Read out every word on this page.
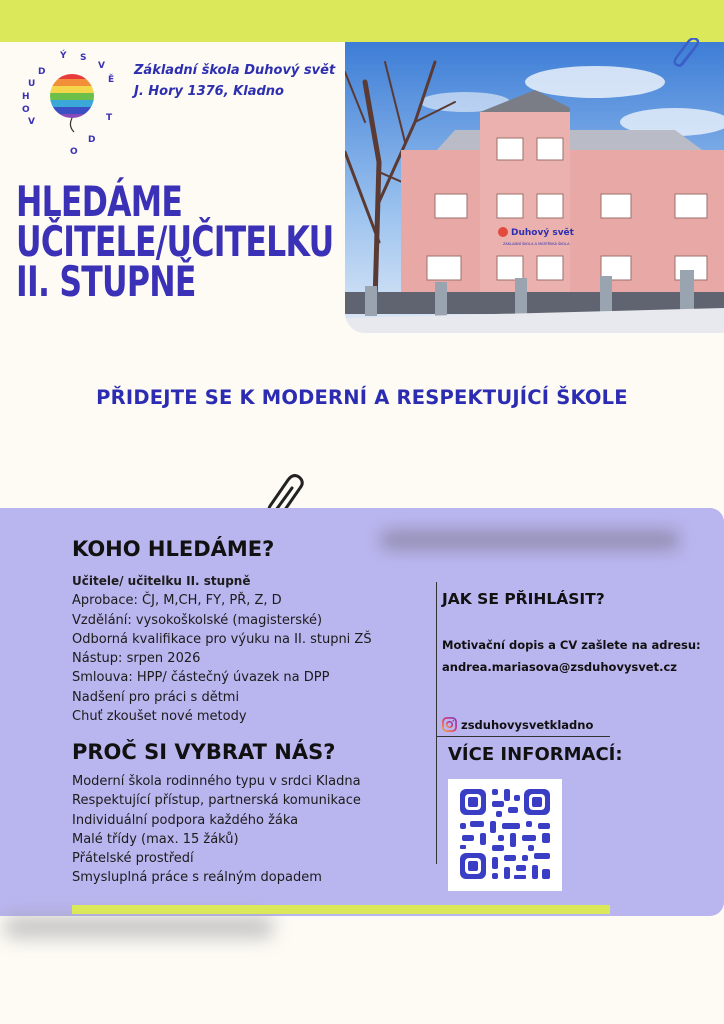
D
U
H
O
V
Ý S
V
Ě
T
D
O
Základní škola Duhový svět
J. Hory 1376, Kladno
Duhový svět
ZÁKLADNÍ ŠKOLA A MATEŘSKÁ ŠKOLA
HLEDÁME
UČITELE/UČITELKU
II. STUPNĚ
PŘIDEJTE SE K MODERNÍ A RESPEKTUJÍCÍ ŠKOLE
KOHO HLEDÁME?
Učitele/ učitelku II. stupně
Aprobace: ČJ, M,CH, FY, PŘ, Z, D
Vzdělání: vysokoškolské (magisterské)
Odborná kvalifikace pro výuku na II. stupni ZŠ
Nástup: srpen 2026
Smlouva: HPP/ částečný úvazek na DPP
Nadšení pro práci s dětmi
Chuť zkoušet nové metody
PROČ SI VYBRAT NÁS?
Moderní škola rodinného typu v srdci Kladna
Respektující přístup, partnerská komunikace
Individuální podpora každého žáka
Malé třídy (max. 15 žáků)
Přátelské prostředí
Smysluplná práce s reálným dopadem
JAK SE PŘIHLÁSIT?
Motivační dopis a CV zašlete na adresu:
andrea.mariasova@zsduhovysvet.cz
zsduhovysvetkladno
VÍCE INFORMACÍ:
